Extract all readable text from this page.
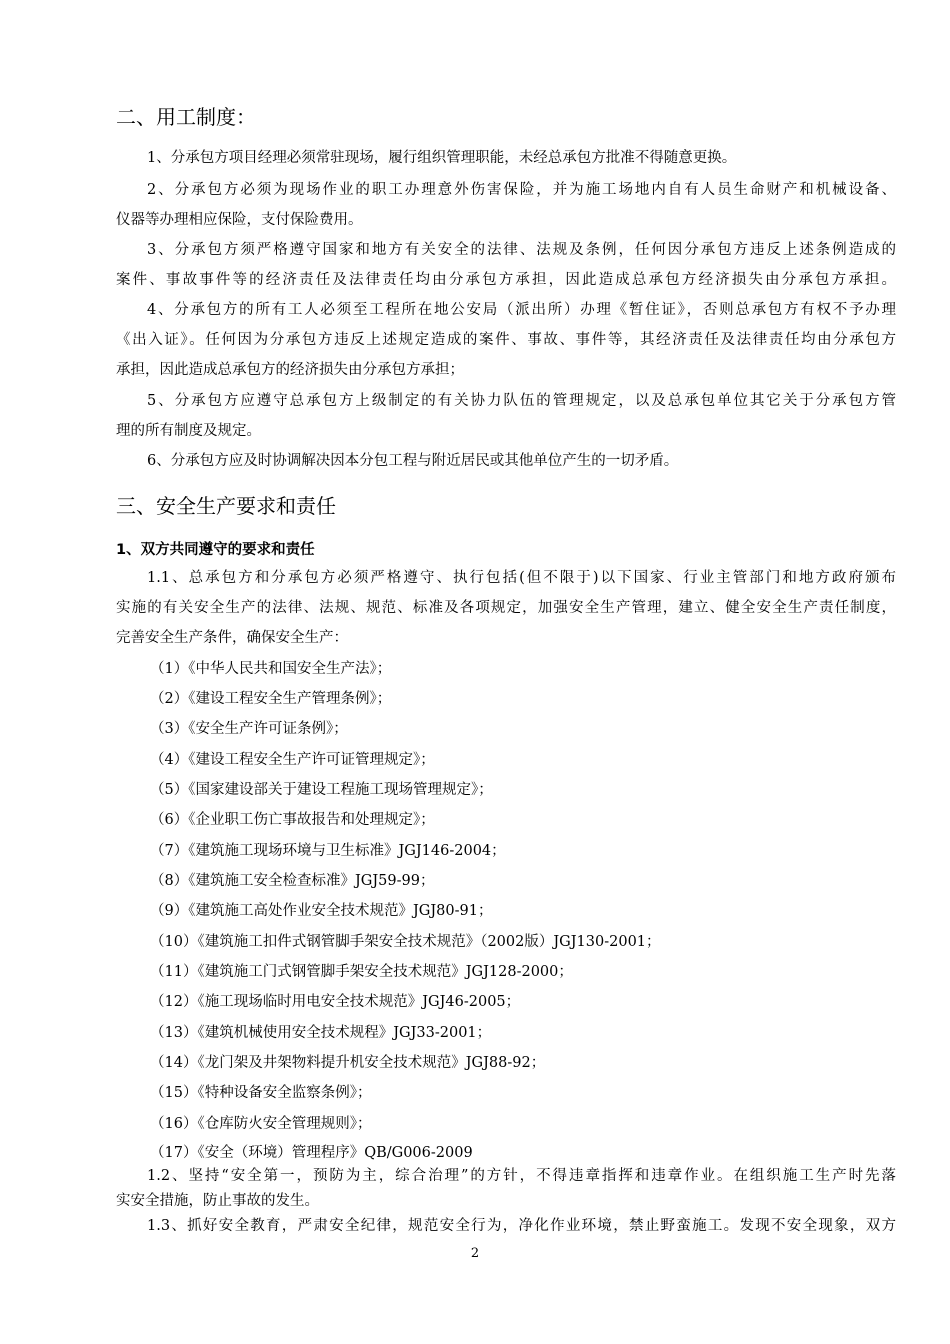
二、用工制度：
1、分承包方项目经理必须常驻现场，履行组织管理职能，未经总承包方批准不得随意更换。
2、分承包方必须为现场作业的职工办理意外伤害保险，并为施工场地内自有人员生命财产和机械设备、
仪器等办理相应保险，支付保险费用。
3、分承包方须严格遵守国家和地方有关安全的法律、法规及条例，任何因分承包方违反上述条例造成的
案件、事故事件等的经济责任及法律责任均由分承包方承担，因此造成总承包方经济损失由分承包方承担。
4、分承包方的所有工人必须至工程所在地公安局（派出所）办理《暂住证》，否则总承包方有权不予办理
《出入证》。任何因为分承包方违反上述规定造成的案件、事故、事件等，其经济责任及法律责任均由分承包方
承担，因此造成总承包方的经济损失由分承包方承担；
5、分承包方应遵守总承包方上级制定的有关协力队伍的管理规定，以及总承包单位其它关于分承包方管
理的所有制度及规定。
6、分承包方应及时协调解决因本分包工程与附近居民或其他单位产生的一切矛盾。
三、安全生产要求和责任
1、双方共同遵守的要求和责任
1.1、总承包方和分承包方必须严格遵守、执行包括(但不限于)以下国家、行业主管部门和地方政府颁布
实施的有关安全生产的法律、法规、规范、标准及各项规定，加强安全生产管理，建立、健全安全生产责任制度，
完善安全生产条件，确保安全生产：
（1）《中华人民共和国安全生产法》；
（2）《建设工程安全生产管理条例》；
（3）《安全生产许可证条例》；
（4）《建设工程安全生产许可证管理规定》；
（5）《国家建设部关于建设工程施工现场管理规定》；
（6）《企业职工伤亡事故报告和处理规定》；
（7）《建筑施工现场环境与卫生标准》JGJ146-2004；
（8）《建筑施工安全检查标准》JGJ59-99；
（9）《建筑施工高处作业安全技术规范》JGJ80-91；
（10）《建筑施工扣件式钢管脚手架安全技术规范》（2002版）JGJ130-2001；
（11）《建筑施工门式钢管脚手架安全技术规范》JGJ128-2000；
（12）《施工现场临时用电安全技术规范》JGJ46-2005；
（13）《建筑机械使用安全技术规程》JGJ33-2001；
（14）《龙门架及井架物料提升机安全技术规范》JGJ88-92；
（15）《特种设备安全监察条例》；
（16）《仓库防火安全管理规则》；
（17）《安全（环境）管理程序》QB/G006-2009
1.2、坚持“安全第一，预防为主，综合治理”的方针，不得违章指挥和违章作业。在组织施工生产时先落
实安全措施，防止事故的发生。
1.3、抓好安全教育，严肃安全纪律，规范安全行为，净化作业环境，禁止野蛮施工。发现不安全现象，双方
2
